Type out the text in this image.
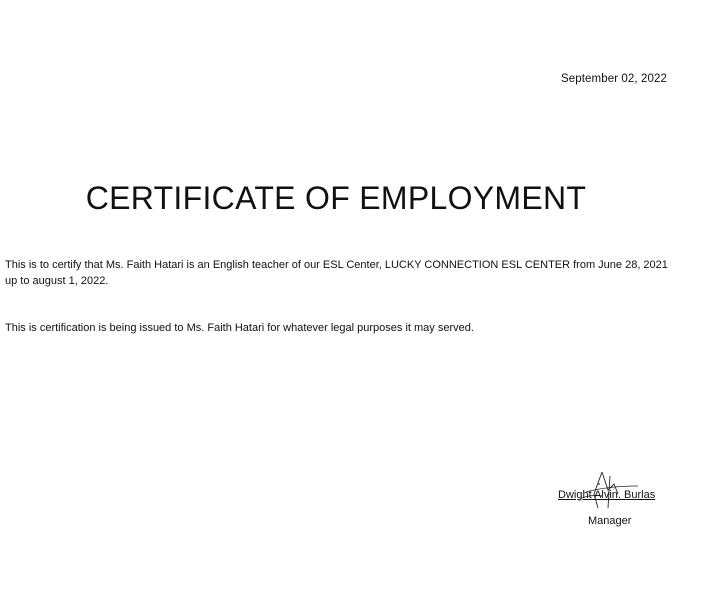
September 02, 2022
CERTIFICATE OF EMPLOYMENT

This is to certify that Ms. Faith Hatari is an English teacher of our ESL Center, LUCKY CONNECTION ESL CENTER from June 28, 2021 up to august 1, 2022.

This is certification is being issued to Ms. Faith Hatari for whatever legal purposes it may served.

Dwight Alvin. Burlas
Manager
